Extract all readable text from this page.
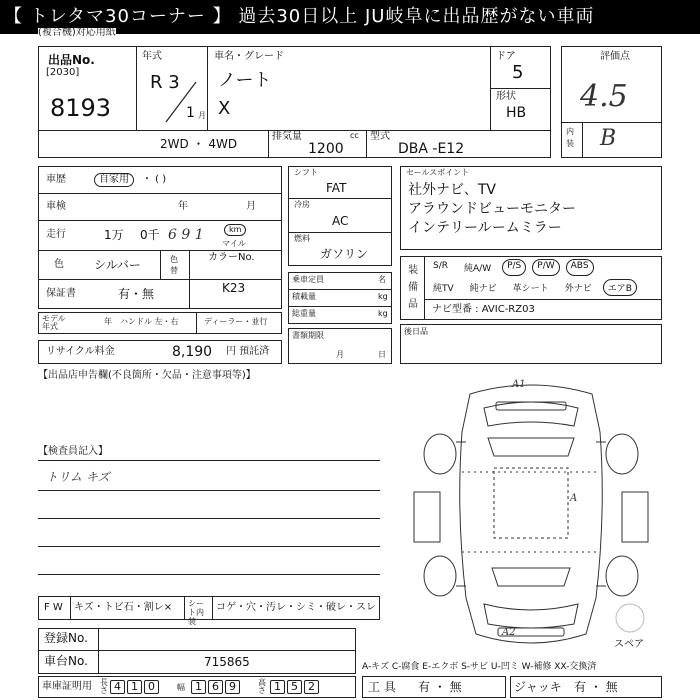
【 トレタマ30コーナー 】 過去30日以上 JU岐阜に出品歴がない車両
(複合機)対応用紙
出品No.
[2030]
8193
年式
R 3
1 月
車名・グレード
ノート
X
ドア
5
形状
HB
2WD ・ 4WD
排気量	cc
1200
型式
DBA -E12
評価点
4.5
内装 B
車歴	自家用	・ ( )
車検	年	月
走行	1万 0千 6 9 1	km
マイル
色	シルバー	色替
カラーNo.
保証書	有・無	K23
モデル年式
年 ハンドル 左・右	ディーラー・並行
リサイクル料金	8,190 円 預託済
シフト
FAT
冷房
AC
燃料
ガソリン
乗車定員	名
積載量	kg
総重量	kg
書類期限
月	日
セールスポイント
社外ナビ、TV
アラウンドビューモニター
インテリールームミラー
装備品
S/R	純A/W	P/S	P/W	ABS
純TV	純ナビ	革シート	外ナビ	エアB
ナビ型番 : AVIC-RZ03
後日品
【出品店申告欄(不良箇所・欠品・注意事項等)】
【検査員記入】
トリム キズ
F W キズ・トビ石・割レ× シート内装
コゲ・穴・汚レ・シミ・破レ・スレ
登録No.
車台No.	715865
車庫証明用 長さ 4 1 0	幅 1 6 9	高さ 1 5 2
A-キズ C-腐食 E-エクボ S-サビ U-凹ミ W-補修 XX-交換済
工 具 有 ・ 無	ジャッキ 有 ・ 無
A1
A
A2
スペア
